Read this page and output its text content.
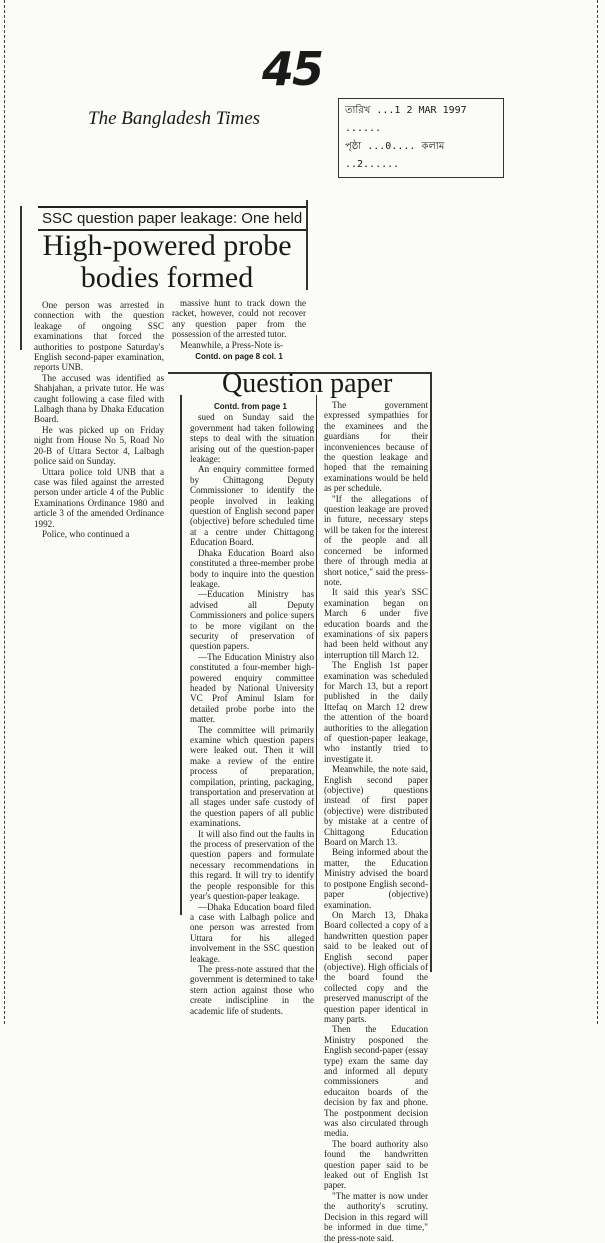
45
The Bangladesh Times	তারিখ ...1 2 MAR 1997 ......
পৃষ্ঠা ...0.... কলাম ..2......
SSC question paper leakage: One held
High-powered probe
bodies formed

One person was arrested in connection with the question leakage of ongoing SSC examinations that forced the authorities to postpone Saturday's English second-paper examination, reports UNB.

The accused was identified as Shahjahan, a private tutor. He was caught following a case filed with Lalbagh thana by Dhaka Education Board.

He was picked up on Friday night from House No 5, Road No 20-B of Uttara Sector 4, Lalbagh police said on Sunday.

Uttara police told UNB that a case was filed against the arrested person under article 4 of the Public Examinations Ordinance 1980 and article 3 of the amended Ordinance 1992.

Police, who continued a

massive hunt to track down the racket, however, could not recover any question paper from the possession of the arrested tutor.

Meanwhile, a Press-Note is-

Contd. on page 8 col. 1
Question paper
Contd. from page 1

sued on Sunday said the government had taken following steps to deal with the situation arising out of the question-paper leakage:

An enquiry committee formed by Chittagong Deputy Commissioner to identify the people involved in leaking question of English second paper (objective) before scheduled time at a centre under Chittagong Education Board.

Dhaka Education Board also constituted a three-member probe body to inquire into the question leakage.

—Education Ministry has advised all Deputy Commissioners and police supers to be more vigilant on the security of preservation of question papers.

—The Education Ministry also constituted a four-member high-powered enquiry committee headed by National University VC Prof Aminul Islam for detailed probe porbe into the matter.

The committee will primarily examine which question papers were leaked out. Then it will make a review of the entire process of preparation, compilation, printing, packaging, transportation and preservation at all stages under safe custody of the question papers of all public examinations.

It will also find out the faults in the process of preservation of the question papers and formulate necessary recommendations in this regard. It will try to identify the people responsible for this year's question-paper leakage.

—Dhaka Education board filed a case with Lalbagh police and one person was arrested from Uttara for his alleged involvement in the SSC question leakage.

The press-note assured that the government is determined to take stern action against those who create indiscipline in the academic life of students.

The government expressed sympathies for the examinees and the guardians for their inconveniences because of the question leakage and hoped that the remaining examinations would be held as per schedule.

"If the allegations of question leakage are proved in future, necessary steps will be taken for the interest of the people and all concerned be informed there of through media at short notice," said the press-note.

It said this year's SSC examination began on March 6 under five education boards and the examinations of six papers had been held without any interruption till March 12.

The English 1st paper examination was scheduled for March 13, but a report published in the daily Ittefaq on March 12 drew the attention of the board authorities to the allegation of question-paper leakage, who instantly tried to investigate it.

Meanwhile, the note said, English second paper (objective) questions instead of first paper (objective) were distributed by mistake at a centre of Chittagong Education Board on March 13.

Being informed about the matter, the Education Ministry advised the board to postpone English second-paper (objective) examination.

On March 13, Dhaka Board collected a copy of a handwritten question paper said to be leaked out of English second paper (objective). High officials of the board found the collected copy and the preserved manuscript of the question paper identical in many parts.

Then the Education Ministry posponed the English second-paper (essay type) exam the same day and informed all deputy commissioners and educaiton boards of the decision by fax and phone. The postponment decision was also circulated through media.

The board authority also found the handwritten question paper said to be leaked out of English 1st paper.

"The matter is now under the authority's scrutiny. Decision in this regard will be informed in due time," the press-note said.
